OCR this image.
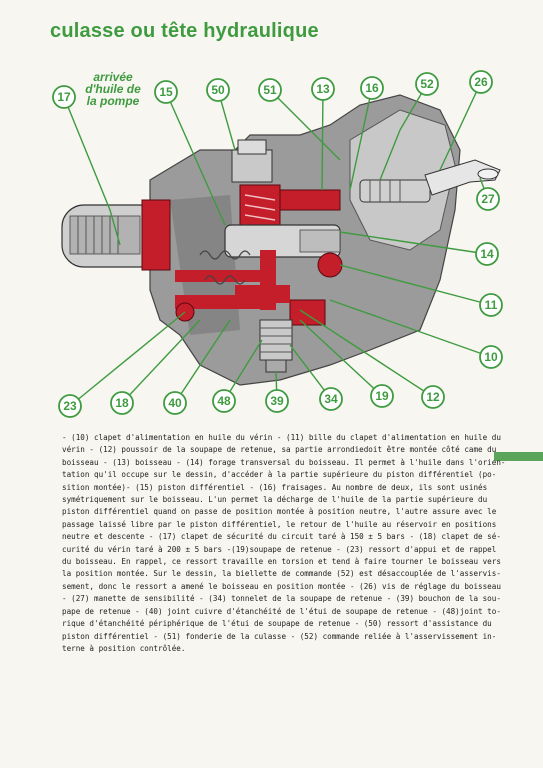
culasse ou tête hydraulique
arrivée
d'huile de
la pompe
17	15	50	51	13	16	52	26
27
14
11
10
12
19
34
39
48
40
18
23

- (10) clapet d'alimentation en huile du vérin - (11) bille du clapet d'alimentation en huile du

vérin - (12) poussoir de la soupape de retenue, sa partie arrondiedoit être montée côté came du

boisseau - (13) boisseau - (14) forage transversal du boisseau. Il permet à l'huile dans l'orien-

tation qu'il occupe sur le dessin, d'accéder à la partie supérieure du piston différentiel (po-

sition montée)- (15) piston différentiel - (16) fraisages. Au nombre de deux, ils sont usinés

symétriquement sur le boisseau. L'un permet la décharge de l'huile de la partie supérieure du

piston différentiel quand on passe de position montée à position neutre, l'autre assure avec le

passage laissé libre par le piston différentiel, le retour de l'huile au réservoir en positions

neutre et descente - (17) clapet de sécurité du circuit taré à 150 ± 5 bars - (18) clapet de sé-

curité du vérin taré à 200 ± 5 bars -(19)soupape de retenue - (23) ressort d'appui et de rappel

du boisseau. En rappel, ce ressort travaille en torsion et tend à faire tourner le boisseau vers

la position montée. Sur le dessin, la biellette de commande (52) est désaccouplée de l'asservis-

sement, donc le ressort a amené le boisseau en position montée - (26) vis de réglage du boisseau

- (27) manette de sensibilité - (34) tonnelet de la soupape de retenue - (39) bouchon de la sou-

pape de retenue - (40) joint cuivre d'étanchéité de l'étui de soupape de retenue - (48)joint to-

rique d'étanchéité périphérique de l'étui de soupape de retenue - (50) ressort d'assistance du

piston différentiel - (51) fonderie de la culasse - (52) commande reliée à l'asservissement in-

terne à position contrôlée.
